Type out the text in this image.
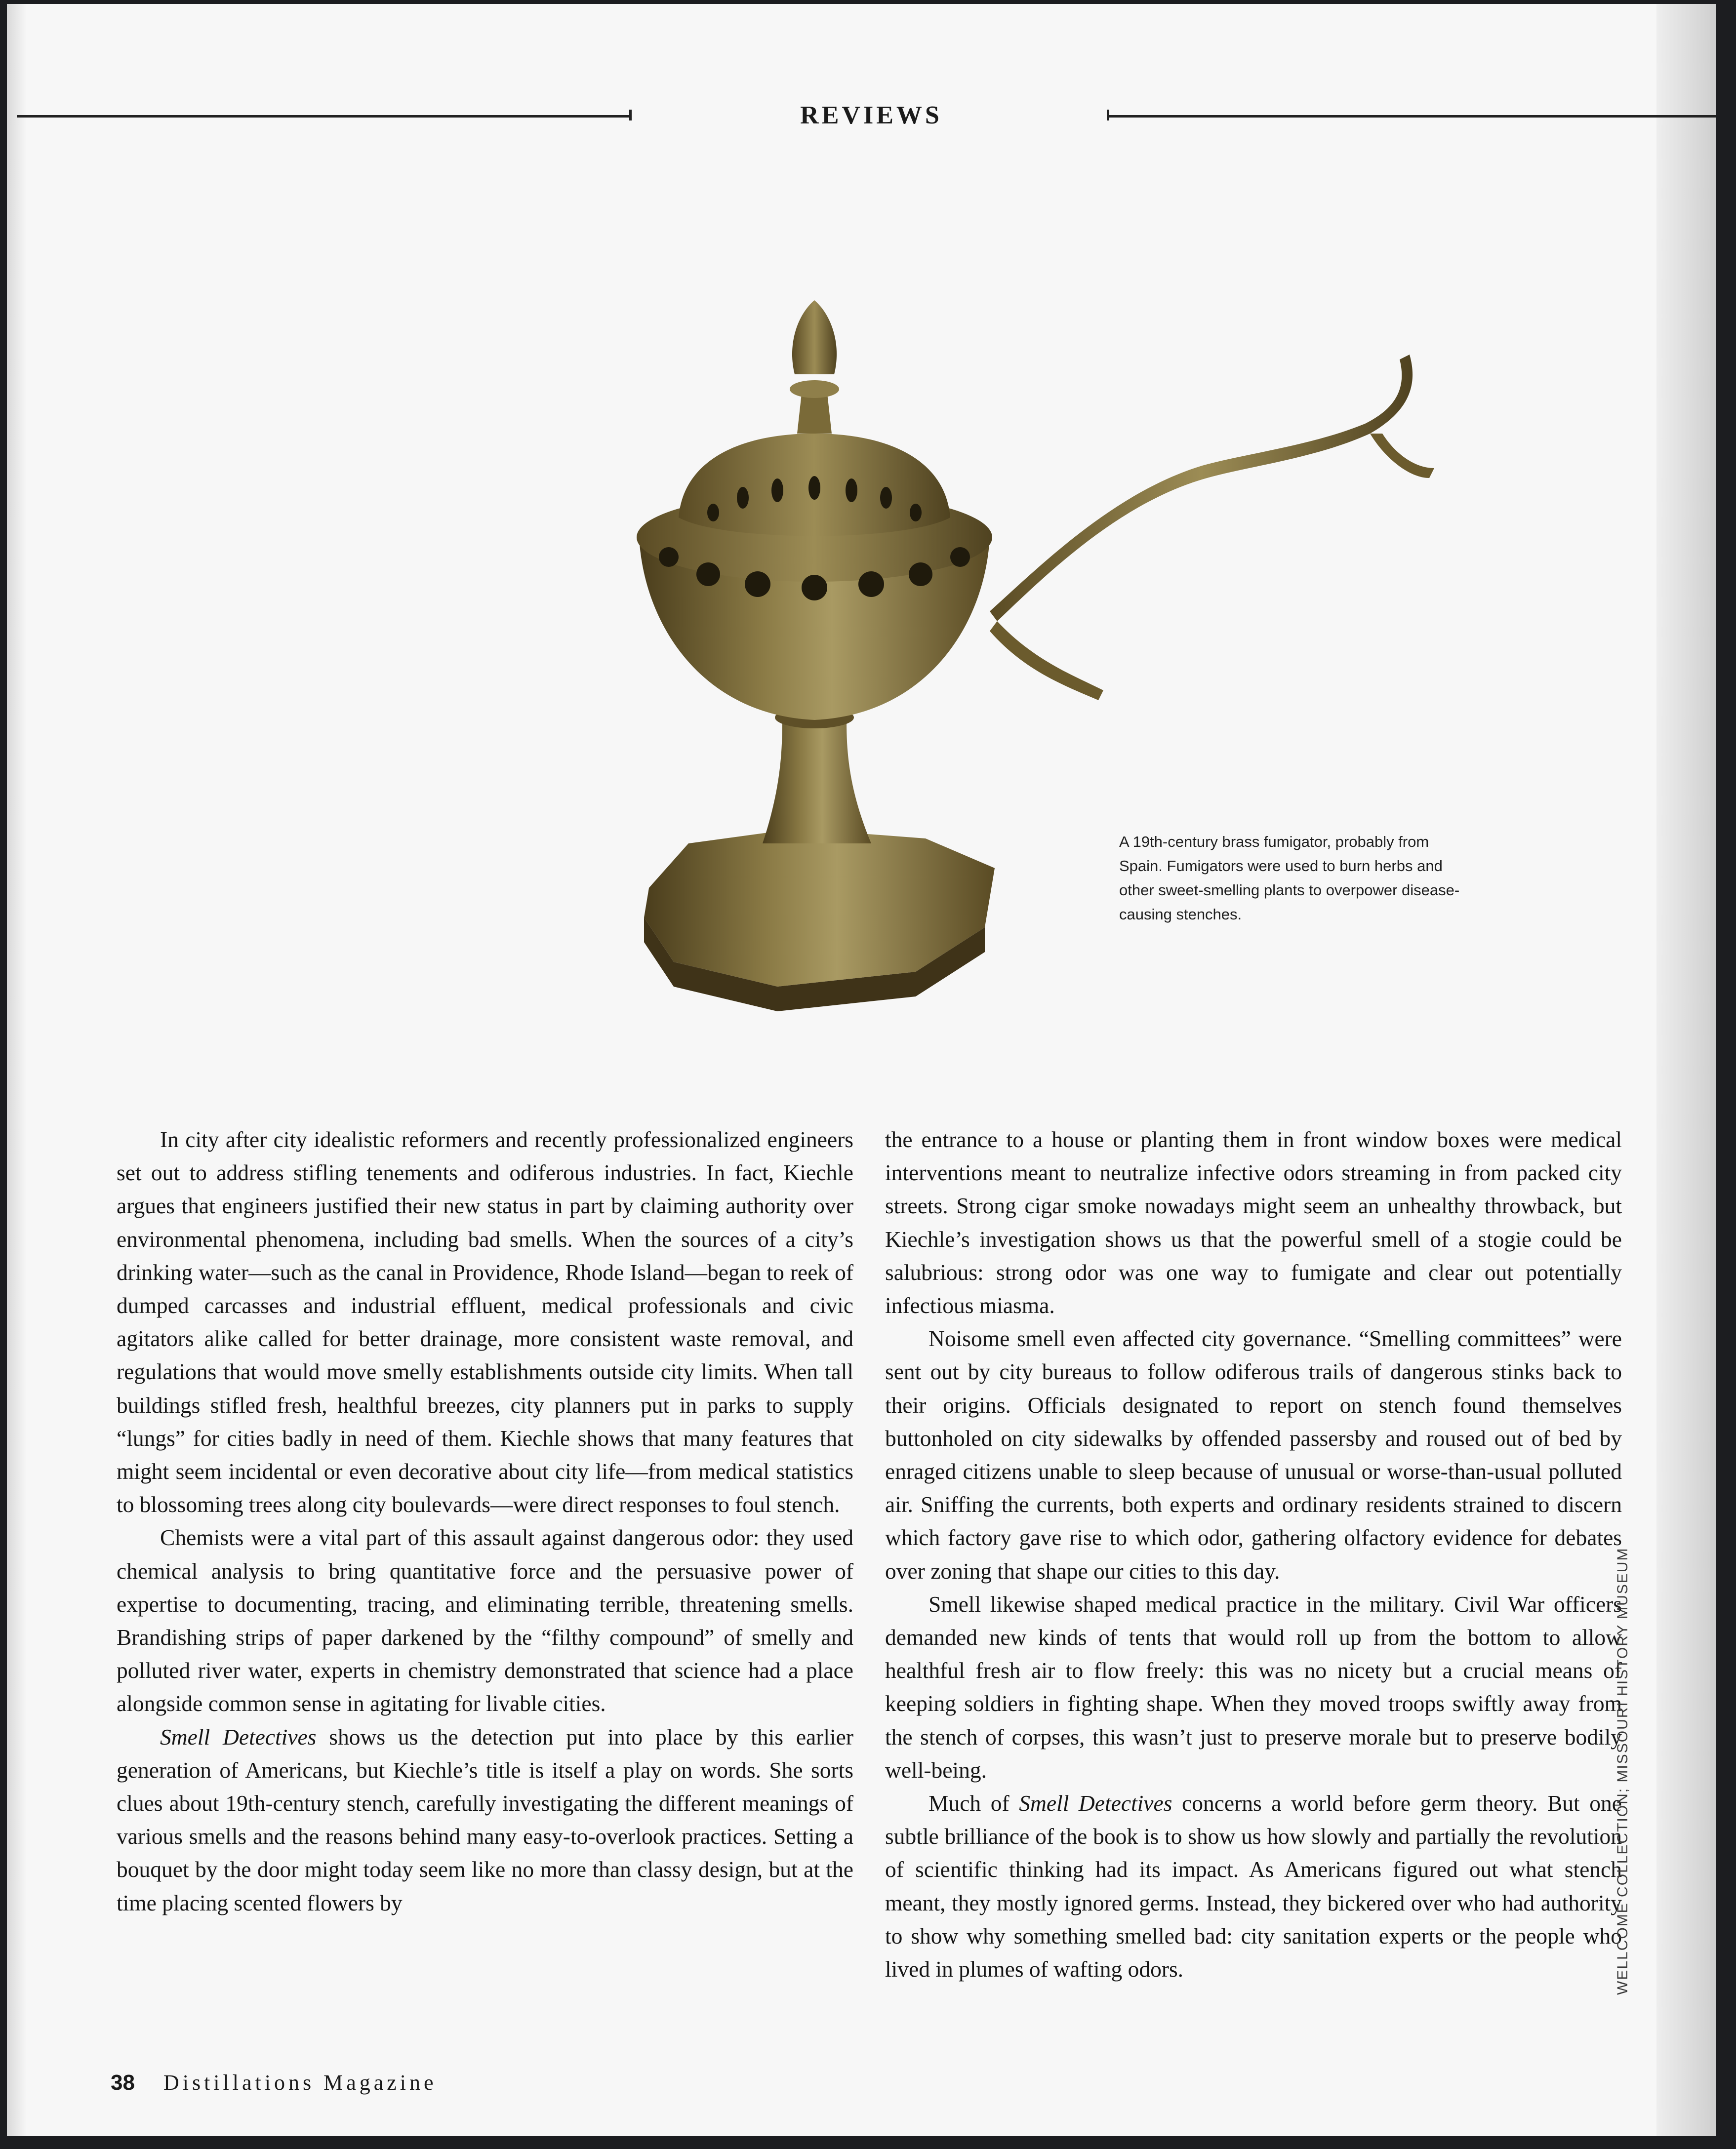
REVIEWS
A 19th-century brass fumigator, probably from Spain. Fumigators were used to burn herbs and other sweet-smelling plants to overpower disease-causing stenches.

In city after city idealistic reformers and recently professionalized engineers set out to address stifling tenements and odiferous industries. In fact, Kiechle argues that engineers justified their new status in part by claiming authority over environmental phenomena, including bad smells. When the sources of a city’s drinking water—such as the canal in Providence, Rhode Island—began to reek of dumped carcasses and industrial effluent, medical professionals and civic agitators alike called for better drainage, more consistent waste removal, and regulations that would move smelly establishments outside city limits. When tall buildings stifled fresh, healthful breezes, city planners put in parks to supply “lungs” for cities badly in need of them. Kiechle shows that many features that might seem incidental or even decorative about city life—from medical statistics to blossoming trees along city boulevards—were direct responses to foul stench.

Chemists were a vital part of this assault against dangerous odor: they used chemical analysis to bring quantitative force and the persuasive power of expertise to documenting, tracing, and eliminating terrible, threatening smells. Brandishing strips of paper darkened by the “filthy compound” of smelly and polluted river water, experts in chemistry demonstrated that science had a place alongside common sense in agitating for livable cities.

Smell Detectives shows us the detection put into place by this earlier generation of Americans, but Kiechle’s title is itself a play on words. She sorts clues about 19th-century stench, carefully investigating the different meanings of various smells and the reasons behind many easy-to-overlook practices. Setting a bouquet by the door might today seem like no more than classy design, but at the time placing scented flowers by

the entrance to a house or planting them in front window boxes were medical interventions meant to neutralize infective odors streaming in from packed city streets. Strong cigar smoke nowadays might seem an unhealthy throwback, but Kiechle’s investigation shows us that the powerful smell of a stogie could be salubrious: strong odor was one way to fumigate and clear out potentially infectious miasma.

Noisome smell even affected city governance. “Smelling committees” were sent out by city bureaus to follow odiferous trails of dangerous stinks back to their origins. Officials designated to report on stench found themselves buttonholed on city sidewalks by offended passersby and roused out of bed by enraged citizens unable to sleep because of unusual or worse-than-usual polluted air. Sniffing the currents, both experts and ordinary residents strained to discern which factory gave rise to which odor, gathering olfactory evidence for debates over zoning that shape our cities to this day.

Smell likewise shaped medical practice in the military. Civil War officers demanded new kinds of tents that would roll up from the bottom to allow healthful fresh air to flow freely: this was no nicety but a crucial means of keeping soldiers in fighting shape. When they moved troops swiftly away from the stench of corpses, this wasn’t just to preserve morale but to preserve bodily well-being.

Much of Smell Detectives concerns a world before germ theory. But one subtle brilliance of the book is to show us how slowly and partially the revolution of scientific thinking had its impact. As Americans figured out what stench meant, they mostly ignored germs. Instead, they bickered over who had authority to show why something smelled bad: city sanitation experts or the people who lived in plumes of wafting odors.

38 Distillations Magazine
WELLCOME COLLECTION; MISSOURI HISTORY MUSEUM
